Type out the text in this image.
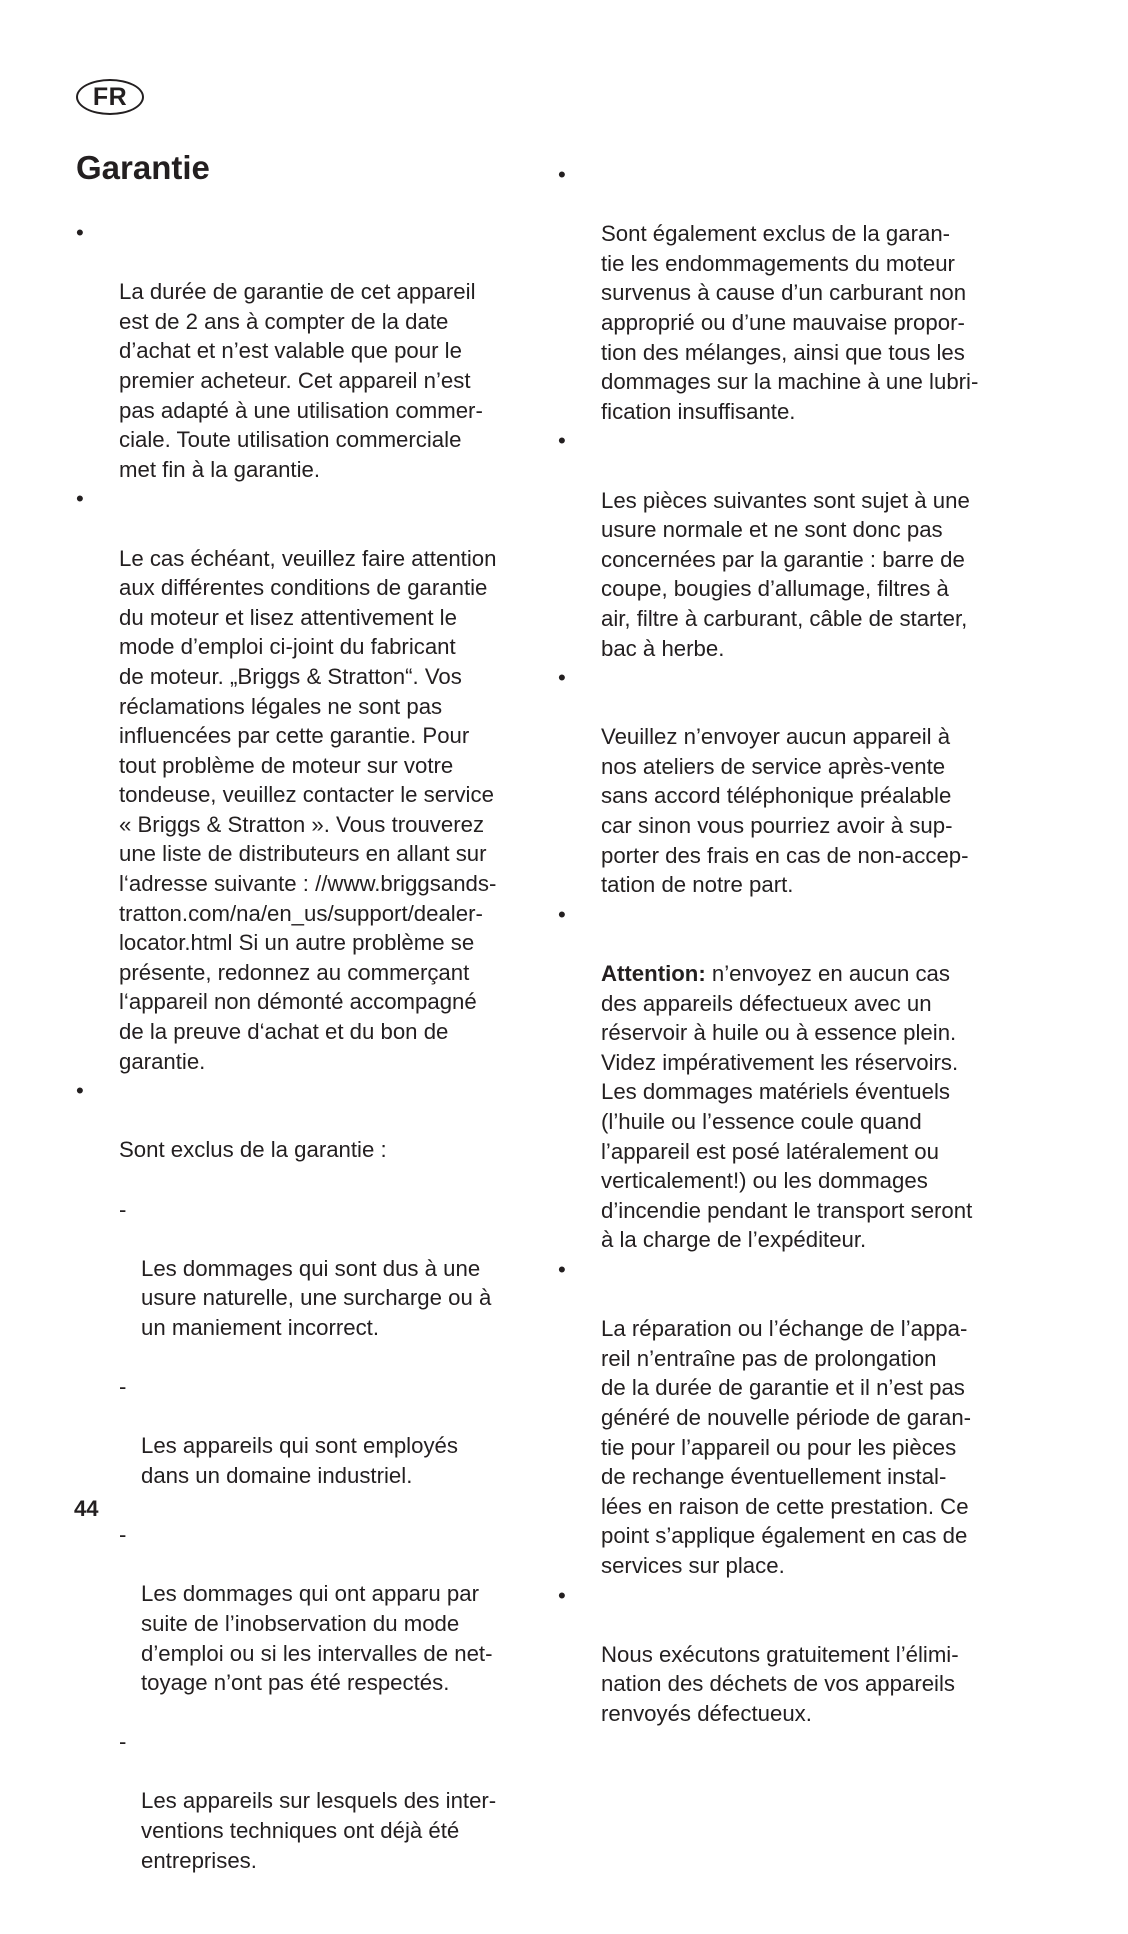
FR
Garantie

•

La durée de garantie de cet appareil
est de 2 ans à compter de la date
d’achat et n’est valable que pour le
premier acheteur. Cet appareil n’est
pas adapté à une utilisation commer-
ciale. Toute utilisation commerciale
met fin à la garantie.

•

Le cas échéant, veuillez faire attention
aux différentes conditions de garantie
du moteur et lisez attentivement le
mode d’emploi ci-joint du fabricant
de moteur. „Briggs & Stratton“. Vos
réclamations légales ne sont pas
influencées par cette garantie. Pour
tout problème de moteur sur votre
tondeuse, veuillez contacter le service
« Briggs & Stratton ». Vous trouverez
une liste de distributeurs en allant sur
l‘adresse suivante : //www.briggsands-
tratton.com/na/en_us/support/dealer-
locator.html Si un autre problème se
présente, redonnez au commerçant
l‘appareil non démonté accompagné
de la preuve d‘achat et du bon de
garantie.

•

Sont exclus de la garantie :

-

Les dommages qui sont dus à une
usure naturelle, une surcharge ou à
un maniement incorrect.

-

Les appareils qui sont employés
dans un domaine industriel.

-

Les dommages qui ont apparu par
suite de l’inobservation du mode
d’emploi ou si les intervalles de net-
toyage n’ont pas été respectés.

-

Les appareils sur lesquels des inter-
ventions techniques ont déjà été
entreprises.

•

Sont également exclus de la garan-
tie les endommagements du moteur
survenus à cause d’un carburant non
approprié ou d’une mauvaise propor-
tion des mélanges, ainsi que tous les
dommages sur la machine à une lubri-
fication insuffisante.

•

Les pièces suivantes sont sujet à une
usure normale et ne sont donc pas
concernées par la garantie : barre de
coupe, bougies d’allumage, filtres à
air, filtre à carburant, câble de starter,
bac à herbe.

•

Veuillez n’envoyer aucun appareil à
nos ateliers de service après-vente
sans accord téléphonique préalable
car sinon vous pourriez avoir à sup-
porter des frais en cas de non-accep-
tation de notre part.

•

Attention: n’envoyez en aucun cas
des appareils défectueux avec un
réservoir à huile ou à essence plein.
Videz impérativement les réservoirs.
Les dommages matériels éventuels
(l’huile ou l’essence coule quand
l’appareil est posé latéralement ou
verticalement!) ou les dommages
d’incendie pendant le transport seront
à la charge de l’expéditeur.

•

La réparation ou l’échange de l’appa-
reil n’entraîne pas de prolongation
de la durée de garantie et il n’est pas
généré de nouvelle période de garan-
tie pour l’appareil ou pour les pièces
de rechange éventuellement instal-
lées en raison de cette prestation. Ce
point s’applique également en cas de
services sur place.

•

Nous exécutons gratuitement l’élimi-
nation des déchets de vos appareils
renvoyés défectueux.

44
